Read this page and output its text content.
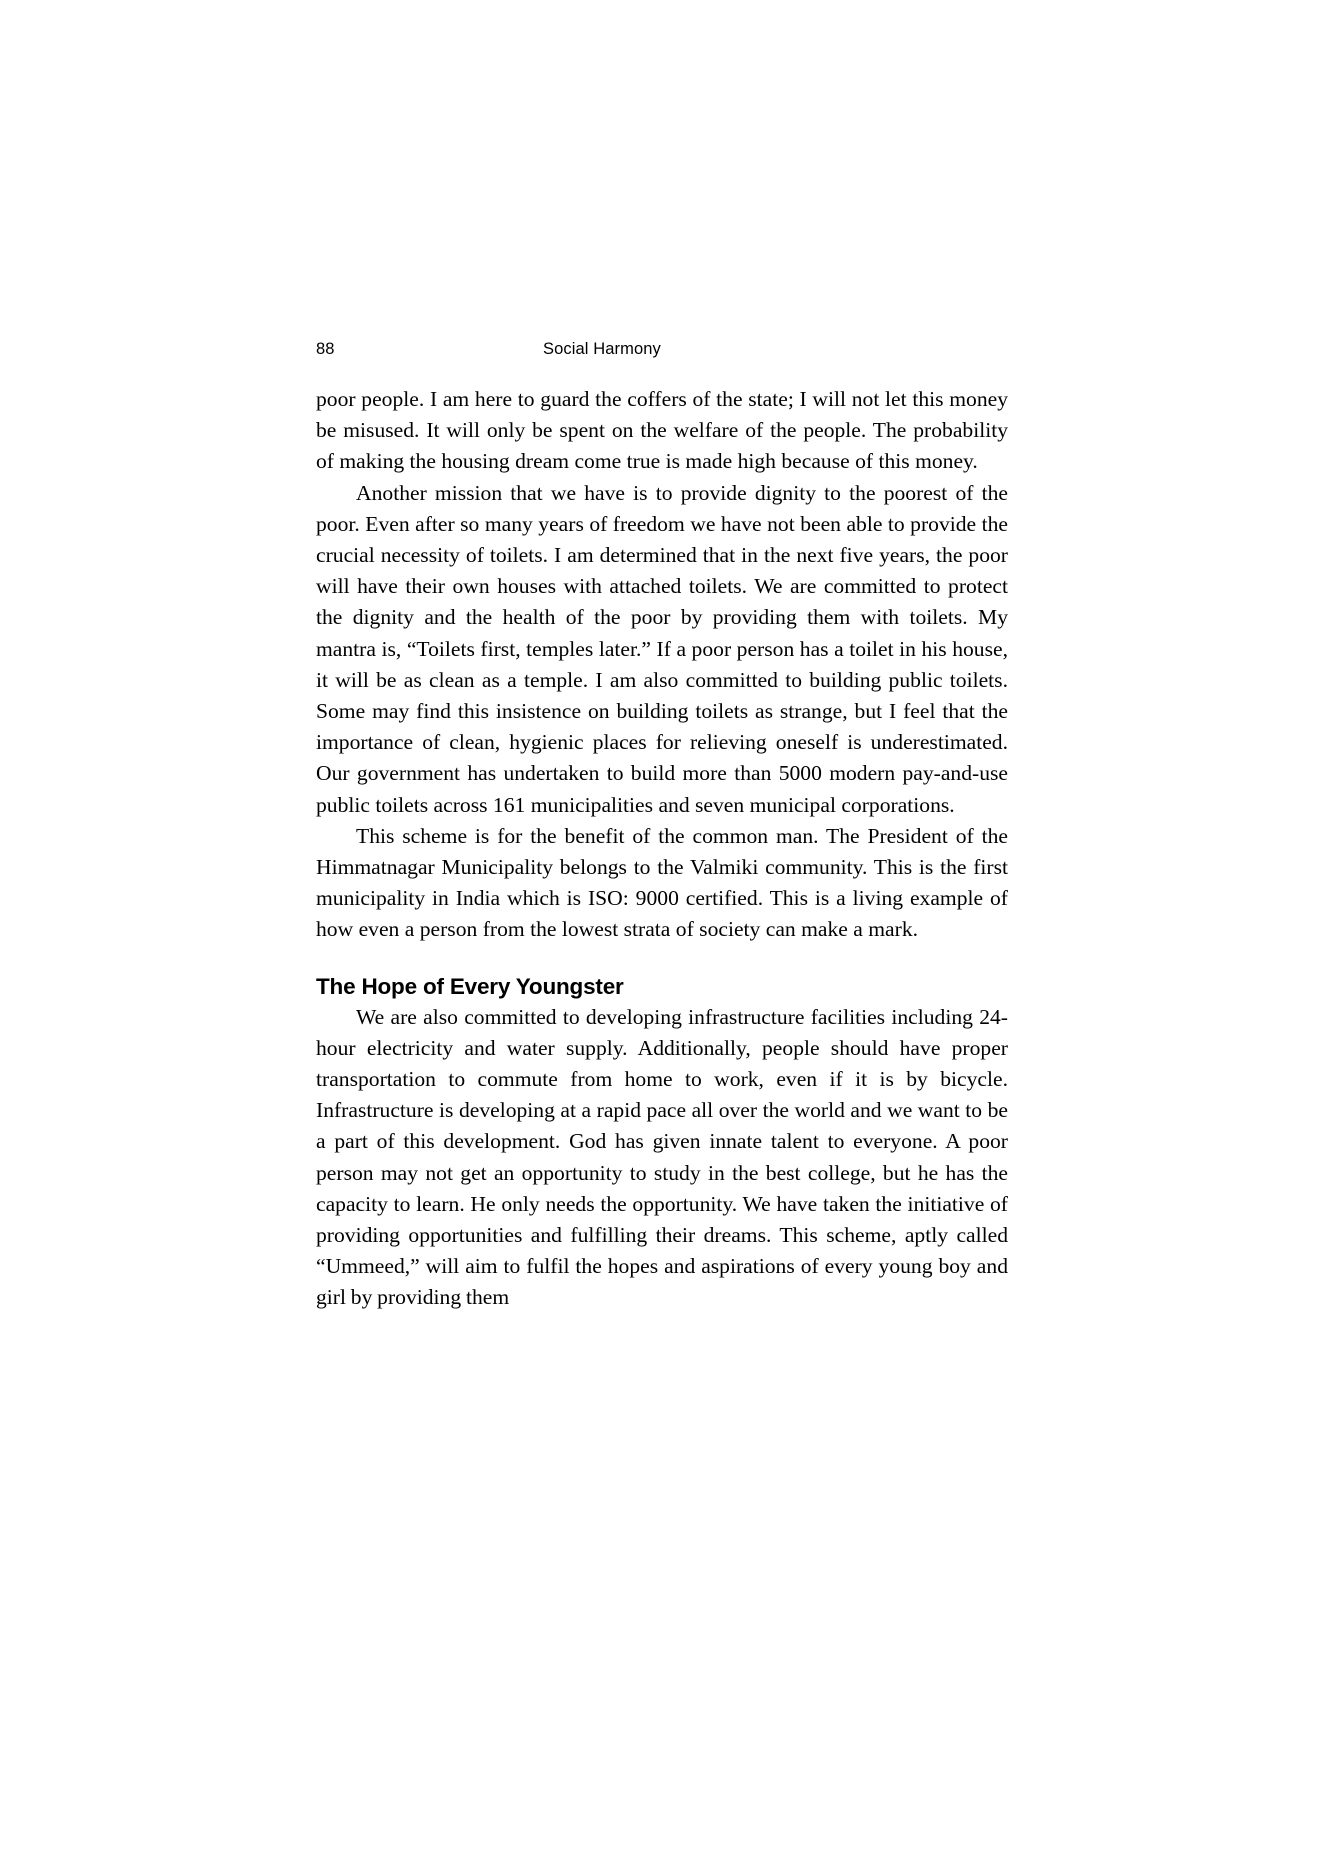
88	Social Harmony

poor people. I am here to guard the coffers of the state; I will not let this money be misused. It will only be spent on the welfare of the people. The probability of making the housing dream come true is made high because of this money.

Another mission that we have is to provide dignity to the poorest of the poor. Even after so many years of freedom we have not been able to provide the crucial necessity of toilets. I am determined that in the next five years, the poor will have their own houses with attached toilets. We are committed to protect the dignity and the health of the poor by providing them with toilets. My mantra is, “Toilets first, temples later.” If a poor person has a toilet in his house, it will be as clean as a temple. I am also committed to building public toilets. Some may find this insistence on building toilets as strange, but I feel that the importance of clean, hygienic places for relieving oneself is underestimated. Our government has undertaken to build more than 5000 modern pay-and-use public toilets across 161 municipalities and seven municipal corporations.

This scheme is for the benefit of the common man. The President of the Himmatnagar Municipality belongs to the Valmiki community. This is the first municipality in India which is ISO: 9000 certified. This is a living example of how even a person from the lowest strata of society can make a mark.

The Hope of Every Youngster

We are also committed to developing infrastructure facilities including 24-hour electricity and water supply. Additionally, people should have proper transportation to commute from home to work, even if it is by bicycle. Infrastructure is developing at a rapid pace all over the world and we want to be a part of this development. God has given innate talent to everyone. A poor person may not get an opportunity to study in the best college, but he has the capacity to learn. He only needs the opportunity. We have taken the initiative of providing opportunities and fulfilling their dreams. This scheme, aptly called “Ummeed,” will aim to fulfil the hopes and aspirations of every young boy and girl by providing them
